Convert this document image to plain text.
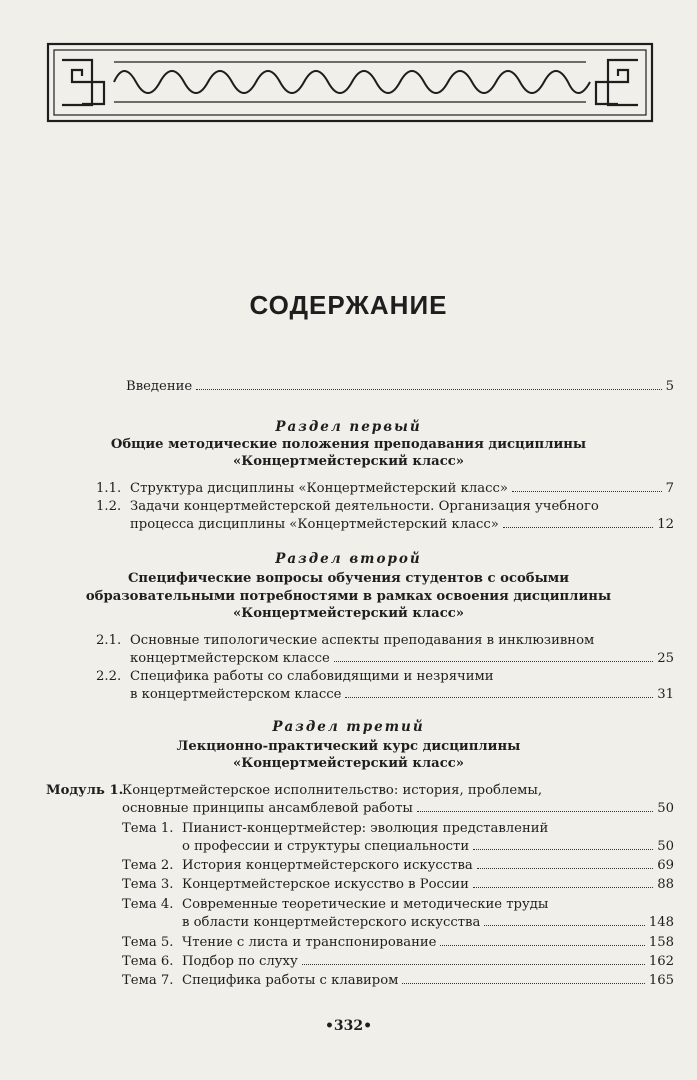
СОДЕРЖАНИЕ
Введение	5
Раздел первый
Общие методические положения преподавания дисциплины
«Концертмейстерский класс»
1.1. Структура дисциплины «Концертмейстерский класс»	7
1.2. Задачи концертмейстерской деятельности. Организация учебного
процесса дисциплины «Концертмейстерский класс»	12
Раздел второй
Специфические вопросы обучения студентов с особыми
образовательными потребностями в рамках освоения дисциплины
«Концертмейстерский класс»
2.1. Основные типологические аспекты преподавания в инклюзивном
концертмейстерском классе	25
2.2. Специфика работы со слабовидящими и незрячими
в концертмейстерском классе	31
Раздел третий
Лекционно-практический курс дисциплины
«Концертмейстерский класс»
Модуль 1.Концертмейстерское исполнительство: история, проблемы,
основные принципы ансамблевой работы	50
Тема 1. Пианист-концертмейстер: эволюция представлений
о профессии и структуры специальности	50
Тема 2. История концертмейстерского искусства	69
Тема 3. Концертмейстерское искусство в России	88
Тема 4. Современные теоретические и методические труды
в области концертмейстерского искусства	148
Тема 5. Чтение с листа и транспонирование	158
Тема 6. Подбор по слуху	162
Тема 7. Специфика работы с клавиром	165
•332•
